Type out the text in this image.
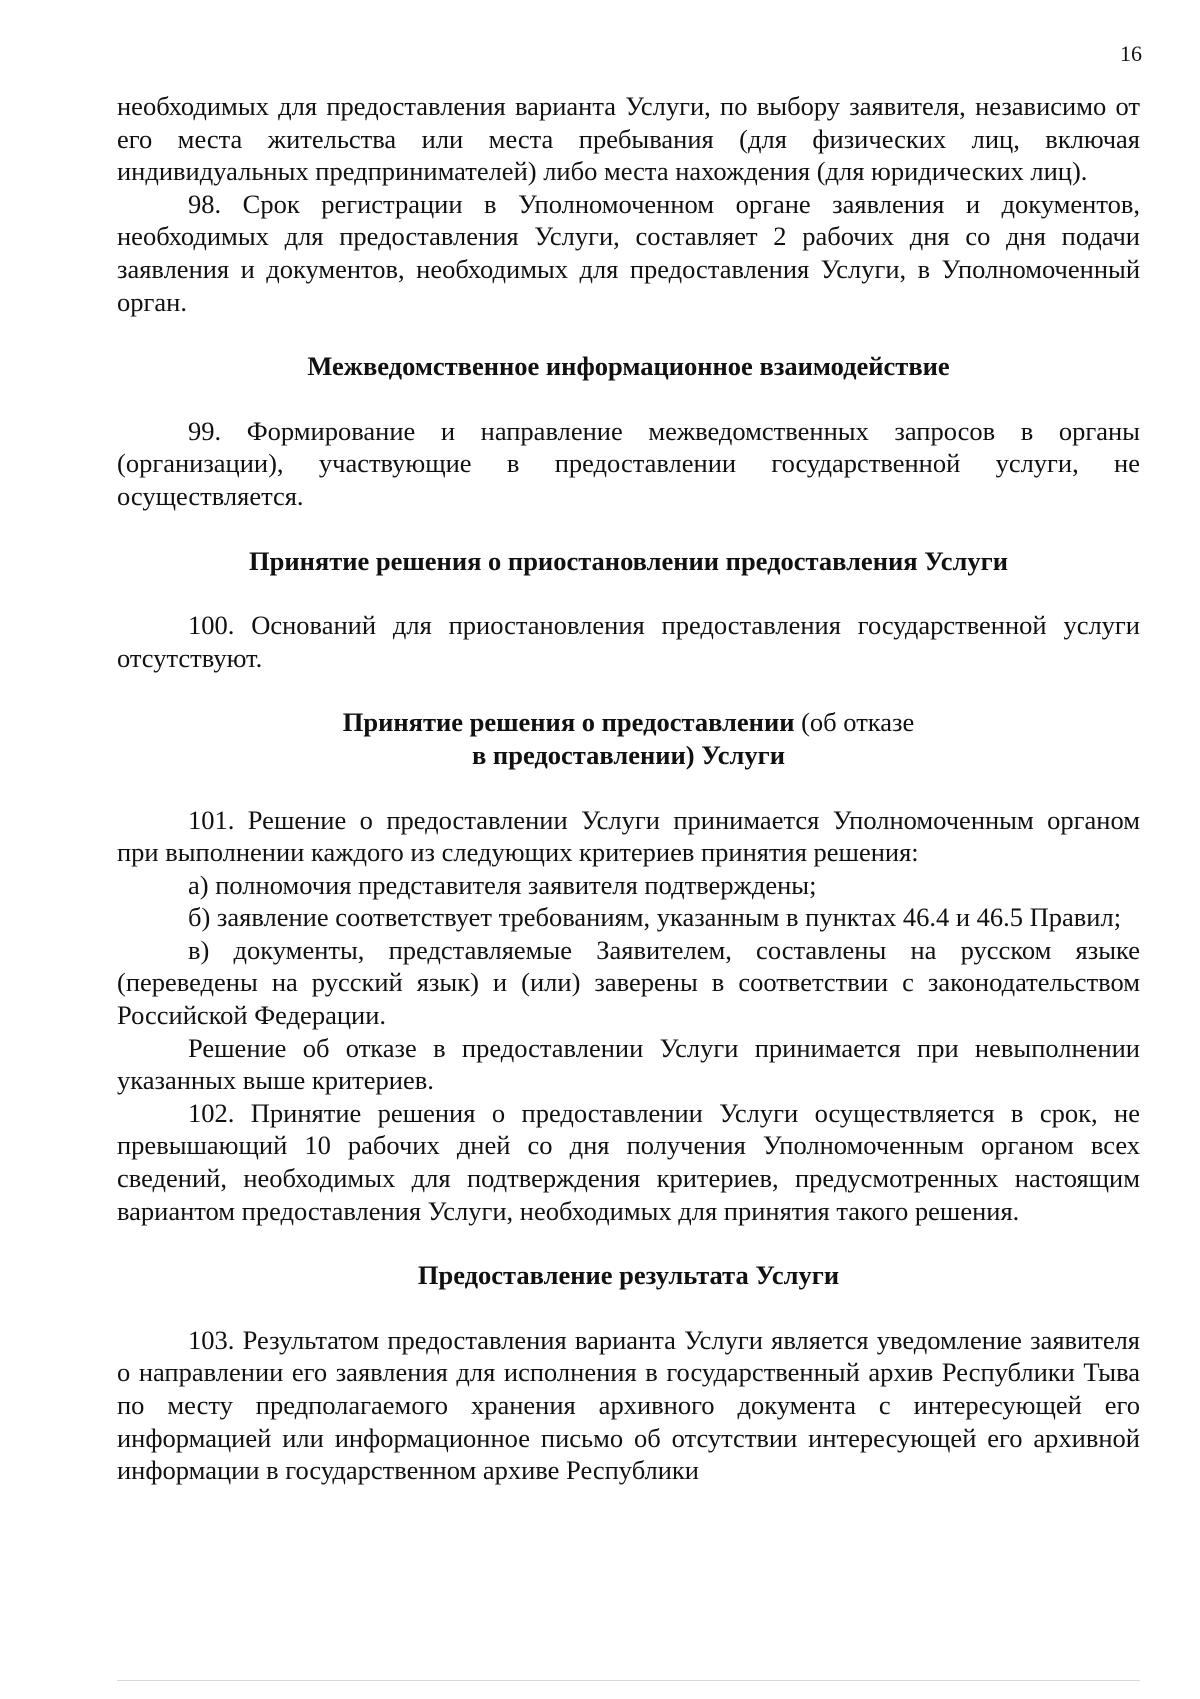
16

необходимых для предоставления варианта Услуги, по выбору заявителя, независимо от его места жительства или места пребывания (для физических лиц, включая индивидуальных предпринимателей) либо места нахождения (для юридических лиц).

98. Срок регистрации в Уполномоченном органе заявления и документов, необходимых для предоставления Услуги, составляет 2 рабочих дня со дня подачи заявления и документов, необходимых для предоставления Услуги, в Уполномоченный орган.

Межведомственное информационное взаимодействие

99. Формирование и направление межведомственных запросов в органы (организации), участвующие в предоставлении государственной услуги, не осуществляется.

Принятие решения о приостановлении предоставления Услуги

100. Оснований для приостановления предоставления государственной услуги отсутствуют.

Принятие решения о предоставлении (об отказе
в предоставлении) Услуги

101. Решение о предоставлении Услуги принимается Уполномоченным органом при выполнении каждого из следующих критериев принятия решения:

а) полномочия представителя заявителя подтверждены;

б) заявление соответствует требованиям, указанным в пунктах 46.4 и 46.5 Правил;

в) документы, представляемые Заявителем, составлены на русском языке (переведены на русский язык) и (или) заверены в соответствии с законодательством Российской Федерации.

Решение об отказе в предоставлении Услуги принимается при невыполнении указанных выше критериев.

102. Принятие решения о предоставлении Услуги осуществляется в срок, не превышающий 10 рабочих дней со дня получения Уполномоченным органом всех сведений, необходимых для подтверждения критериев, предусмотренных настоящим вариантом предоставления Услуги, необходимых для принятия такого решения.

Предоставление результата Услуги

103. Результатом предоставления варианта Услуги является уведомление заявителя о направлении его заявления для исполнения в государственный архив Республики Тыва по месту предполагаемого хранения архивного документа с интересующей его информацией или информационное письмо об отсутствии интересующей его архивной информации в государственном архиве Республики
